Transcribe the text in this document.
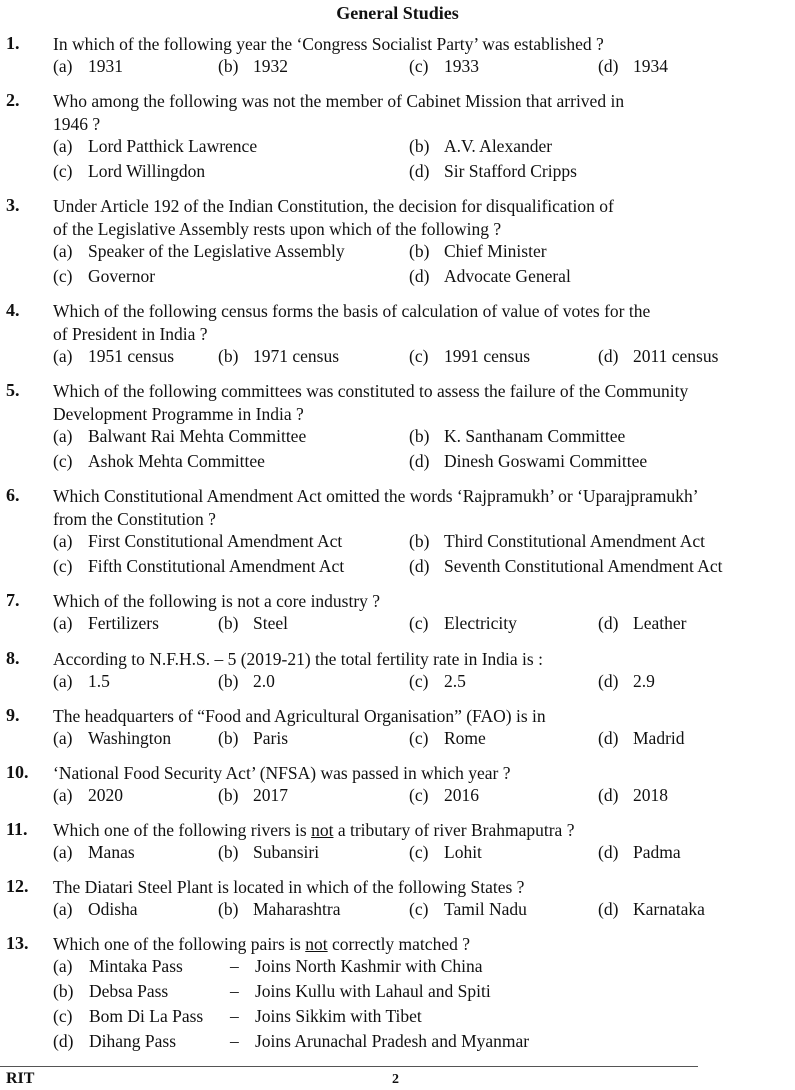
General Studies
1. In which of the following year the ‘Congress Socialist Party’ was established ?
(a) 1931	(b) 1932	(c) 1933	(d) 1934
2. Who among the following was not the member of Cabinet Mission that arrived in
1946 ?
(a) Lord Patthick Lawrence	(b) A.V. Alexander
(c) Lord Willingdon	(d) Sir Stafford Cripps
3. Under Article 192 of the Indian Constitution, the decision for disqualification of
of the Legislative Assembly rests upon which of the following ?
(a) Speaker of the Legislative Assembly	(b) Chief Minister
(c) Governor	(d) Advocate General
4. Which of the following census forms the basis of calculation of value of votes for the
of President in India ?
(a) 1951 census	(b) 1971 census	(c) 1991 census	(d) 2011 census
5. Which of the following committees was constituted to assess the failure of the Community
Development Programme in India ?
(a) Balwant Rai Mehta Committee	(b) K. Santhanam Committee
(c) Ashok Mehta Committee	(d) Dinesh Goswami Committee
6. Which Constitutional Amendment Act omitted the words ‘Rajpramukh’ or ‘Uparajpramukh’
from the Constitution ?
(a) First Constitutional Amendment Act	(b) Third Constitutional Amendment Act
(c) Fifth Constitutional Amendment Act	(d) Seventh Constitutional Amendment Act
7. Which of the following is not a core industry ?
(a) Fertilizers	(b) Steel	(c) Electricity	(d) Leather
8. According to N.F.H.S. – 5 (2019-21) the total fertility rate in India is :
(a) 1.5	(b) 2.0	(c) 2.5	(d) 2.9
9. The headquarters of “Food and Agricultural Organisation” (FAO) is in
(a) Washington	(b) Paris	(c) Rome	(d) Madrid
10. ‘National Food Security Act’ (NFSA) was passed in which year ?
(a) 2020	(b) 2017	(c) 2016	(d) 2018
11. Which one of the following rivers is not a tributary of river Brahmaputra ?
(a) Manas	(b) Subansiri	(c) Lohit	(d) Padma
12. The Diatari Steel Plant is located in which of the following States ?
(a) Odisha	(b) Maharashtra	(c) Tamil Nadu	(d) Karnataka
13. Which one of the following pairs is not correctly matched ?
(a) Mintaka Pass	– Joins North Kashmir with China
(b) Debsa Pass	– Joins Kullu with Lahaul and Spiti
(c) Bom Di La Pass – Joins Sikkim with Tibet
(d) Dihang Pass	– Joins Arunachal Pradesh and Myanmar
RIT	2
